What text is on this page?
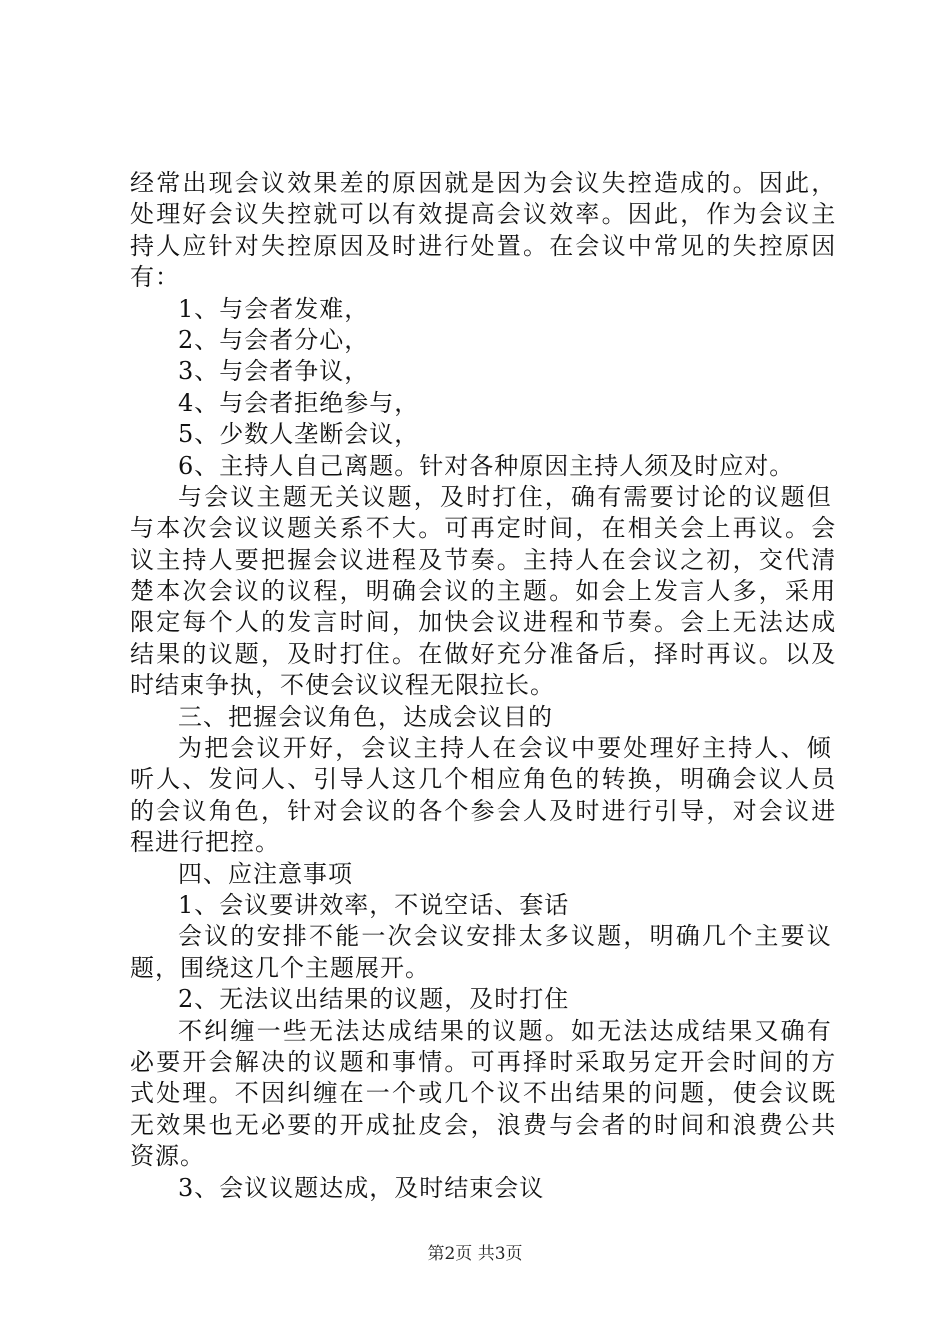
经常出现会议效果差的原因就是因为会议失控造成的。因此，
处理好会议失控就可以有效提高会议效率。因此，作为会议主
持人应针对失控原因及时进行处置。在会议中常见的失控原因
有：
1、与会者发难，
2、与会者分心，
3、与会者争议，
4、与会者拒绝参与，
5、少数人垄断会议，
6、主持人自己离题。针对各种原因主持人须及时应对。
与会议主题无关议题，及时打住，确有需要讨论的议题但
与本次会议议题关系不大。可再定时间，在相关会上再议。会
议主持人要把握会议进程及节奏。主持人在会议之初，交代清
楚本次会议的议程，明确会议的主题。如会上发言人多，采用
限定每个人的发言时间，加快会议进程和节奏。会上无法达成
结果的议题，及时打住。在做好充分准备后，择时再议。以及
时结束争执，不使会议议程无限拉长。
三、把握会议角色，达成会议目的
为把会议开好，会议主持人在会议中要处理好主持人、倾
听人、发问人、引导人这几个相应角色的转换，明确会议人员
的会议角色，针对会议的各个参会人及时进行引导，对会议进
程进行把控。
四、应注意事项
1、会议要讲效率，不说空话、套话
会议的安排不能一次会议安排太多议题，明确几个主要议
题，围绕这几个主题展开。
2、无法议出结果的议题，及时打住
不纠缠一些无法达成结果的议题。如无法达成结果又确有
必要开会解决的议题和事情。可再择时采取另定开会时间的方
式处理。不因纠缠在一个或几个议不出结果的问题，使会议既
无效果也无必要的开成扯皮会，浪费与会者的时间和浪费公共
资源。
3、会议议题达成，及时结束会议
第2页 共3页
